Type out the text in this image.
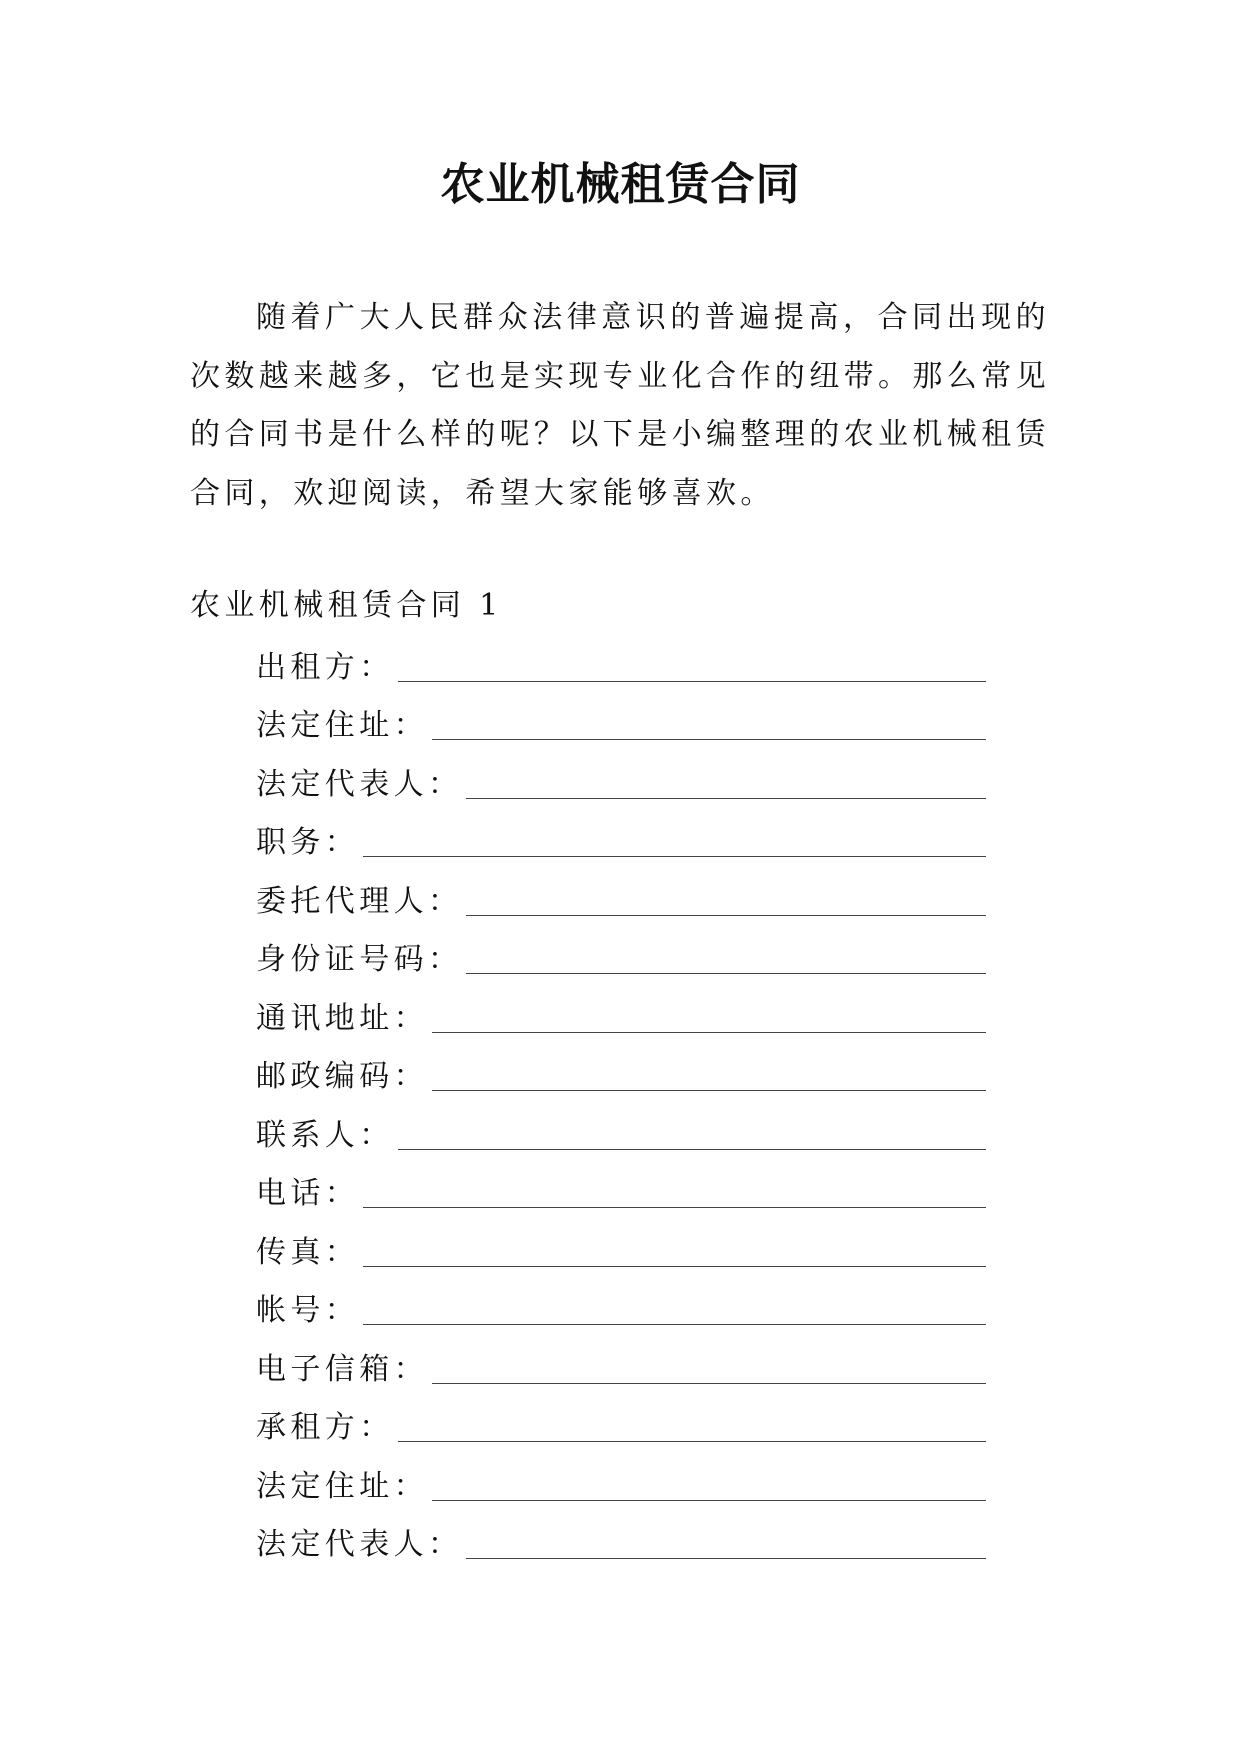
农业机械租赁合同

随着广大人民群众法律意识的普遍提高，合同出现的次数越来越多，它也是实现专业化合作的纽带。那么常见的合同书是什么样的呢？以下是小编整理的农业机械租赁合同，欢迎阅读，希望大家能够喜欢。

农业机械租赁合同 1
出租方：
法定住址：
法定代表人：
职务：
委托代理人：
身份证号码：
通讯地址：
邮政编码：
联系人：
电话：
传真：
帐号：
电子信箱：
承租方：
法定住址：
法定代表人：
